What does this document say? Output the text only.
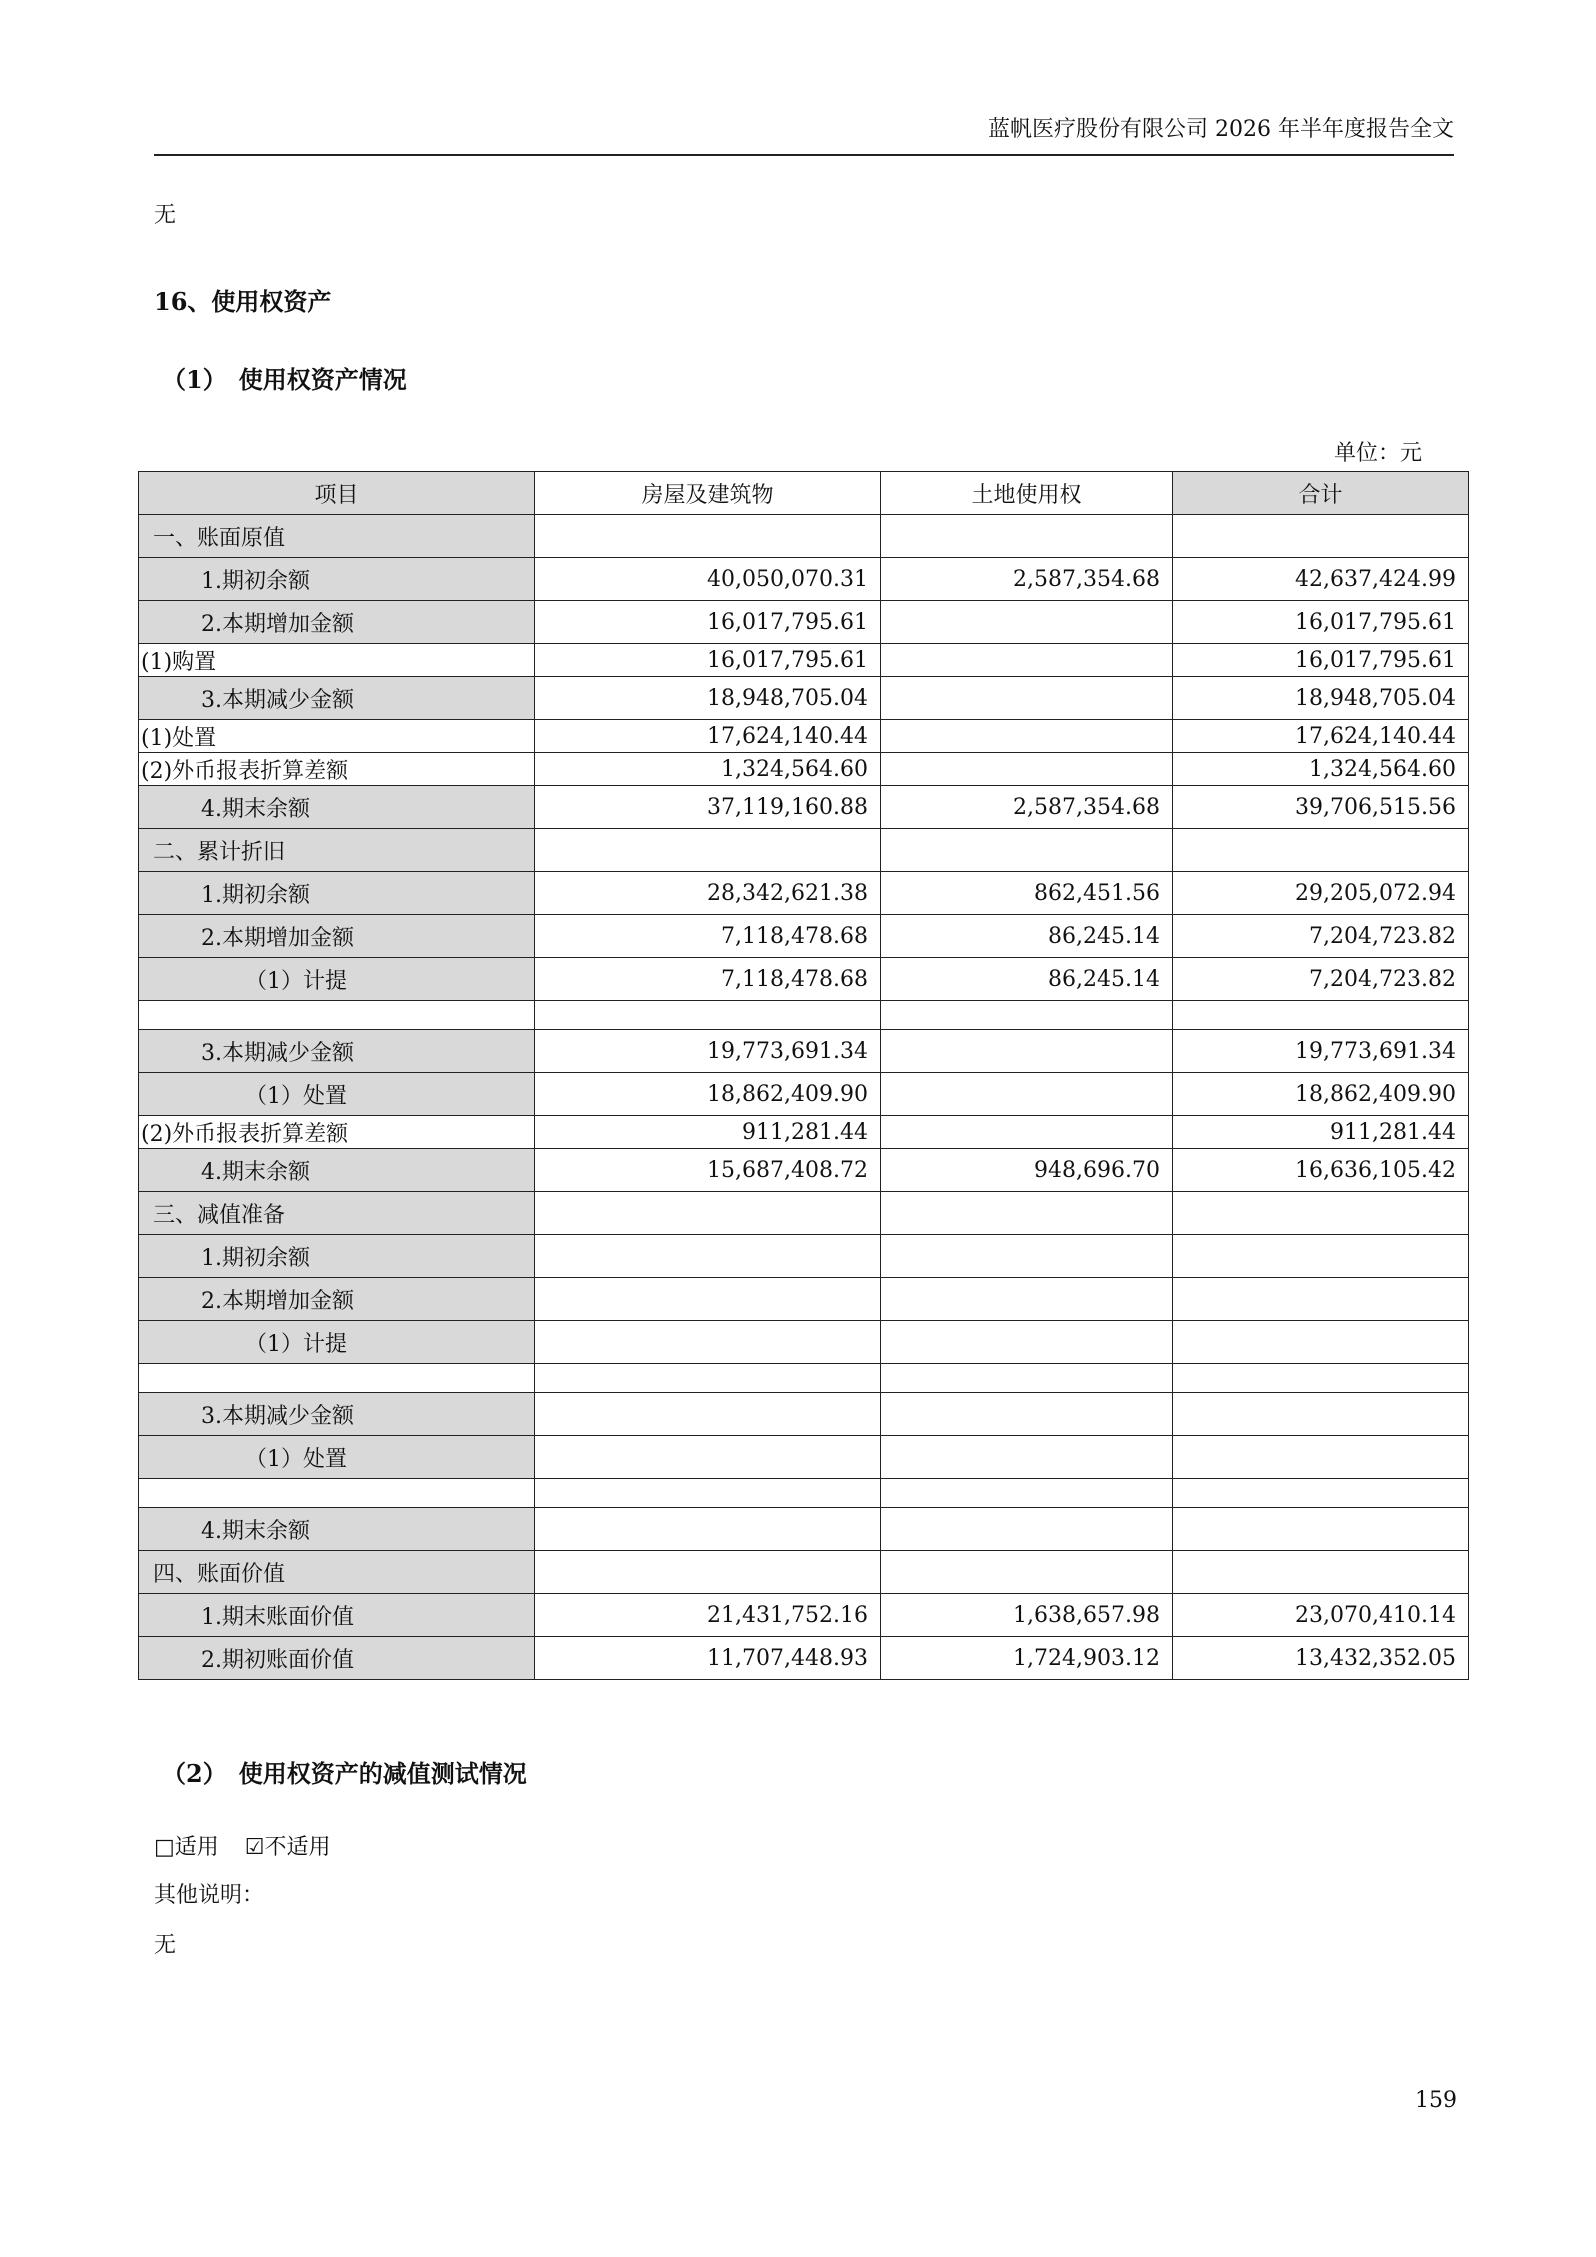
蓝帆医疗股份有限公司 2026 年半年度报告全文
无
16、使用权资产
（1）　使用权资产情况
单位：元
项目	房屋及建筑物	土地使用权	合计
一、账面原值			
1.期初余额	40,050,070.31	2,587,354.68	42,637,424.99
2.本期增加金额	16,017,795.61		16,017,795.61
(1)购置	16,017,795.61		16,017,795.61
3.本期减少金额	18,948,705.04		18,948,705.04
(1)处置	17,624,140.44		17,624,140.44
(2)外币报表折算差额	1,324,564.60		1,324,564.60
4.期末余额	37,119,160.88	2,587,354.68	39,706,515.56
二、累计折旧			
1.期初余额	28,342,621.38	862,451.56	29,205,072.94
2.本期增加金额	7,118,478.68	86,245.14	7,204,723.82
（1）计提	7,118,478.68	86,245.14	7,204,723.82

3.本期减少金额	19,773,691.34		19,773,691.34
（1）处置	18,862,409.90		18,862,409.90
(2)外币报表折算差额	911,281.44		911,281.44
4.期末余额	15,687,408.72	948,696.70	16,636,105.42
三、减值准备			
1.期初余额			
2.本期增加金额			
（1）计提			

3.本期减少金额			
（1）处置			

4.期末余额			
四、账面价值			
1.期末账面价值	21,431,752.16	1,638,657.98	23,070,410.14
2.期初账面价值	11,707,448.93	1,724,903.12	13,432,352.05
（2）　使用权资产的减值测试情况
□适用 ☑不适用
其他说明：
无
159
